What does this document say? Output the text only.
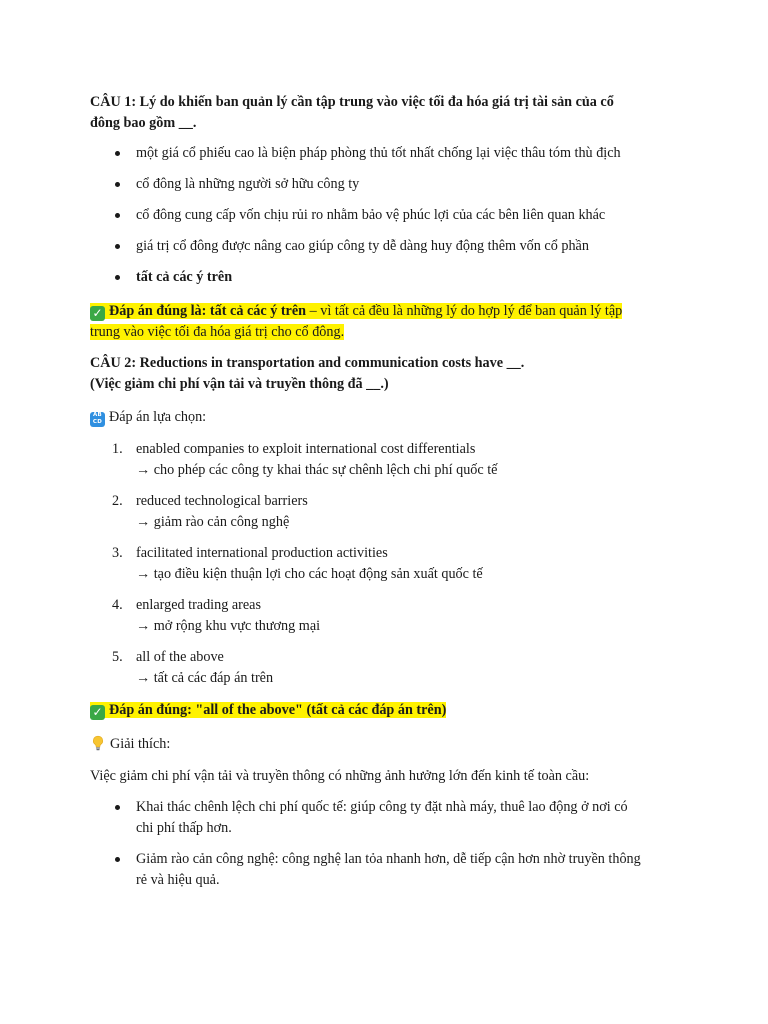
CÂU 1: Lý do khiến ban quản lý cần tập trung vào việc tối đa hóa giá trị tài sản của cổ
đông bao gồm __.

một giá cổ phiếu cao là biện pháp phòng thủ tốt nhất chống lại việc thâu tóm thù địch
cổ đông là những người sở hữu công ty
cổ đông cung cấp vốn chịu rủi ro nhằm bảo vệ phúc lợi của các bên liên quan khác
giá trị cổ đông được nâng cao giúp công ty dễ dàng huy động thêm vốn cổ phần
tất cả các ý trên

✓ Đáp án đúng là: tất cả các ý trên – vì tất cả đều là những lý do hợp lý để ban quản lý tập
trung vào việc tối đa hóa giá trị cho cổ đông.

CÂU 2: Reductions in transportation and communication costs have __.
(Việc giảm chi phí vận tải và truyền thông đã __.)

AB
CD Đáp án lựa chọn:

1. enabled companies to exploit international cost differentials
→ cho phép các công ty khai thác sự chênh lệch chi phí quốc tế
2. reduced technological barriers
→ giảm rào cản công nghệ
3. facilitated international production activities
→ tạo điều kiện thuận lợi cho các hoạt động sản xuất quốc tế
4. enlarged trading areas
→ mở rộng khu vực thương mại
5. all of the above
→ tất cả các đáp án trên

✓ Đáp án đúng: "all of the above" (tất cả các đáp án trên)

Giải thích:

Việc giảm chi phí vận tải và truyền thông có những ảnh hưởng lớn đến kinh tế toàn cầu:

Khai thác chênh lệch chi phí quốc tế: giúp công ty đặt nhà máy, thuê lao động ở nơi có
chi phí thấp hơn.
Giảm rào cản công nghệ: công nghệ lan tỏa nhanh hơn, dễ tiếp cận hơn nhờ truyền thông
rẻ và hiệu quả.
